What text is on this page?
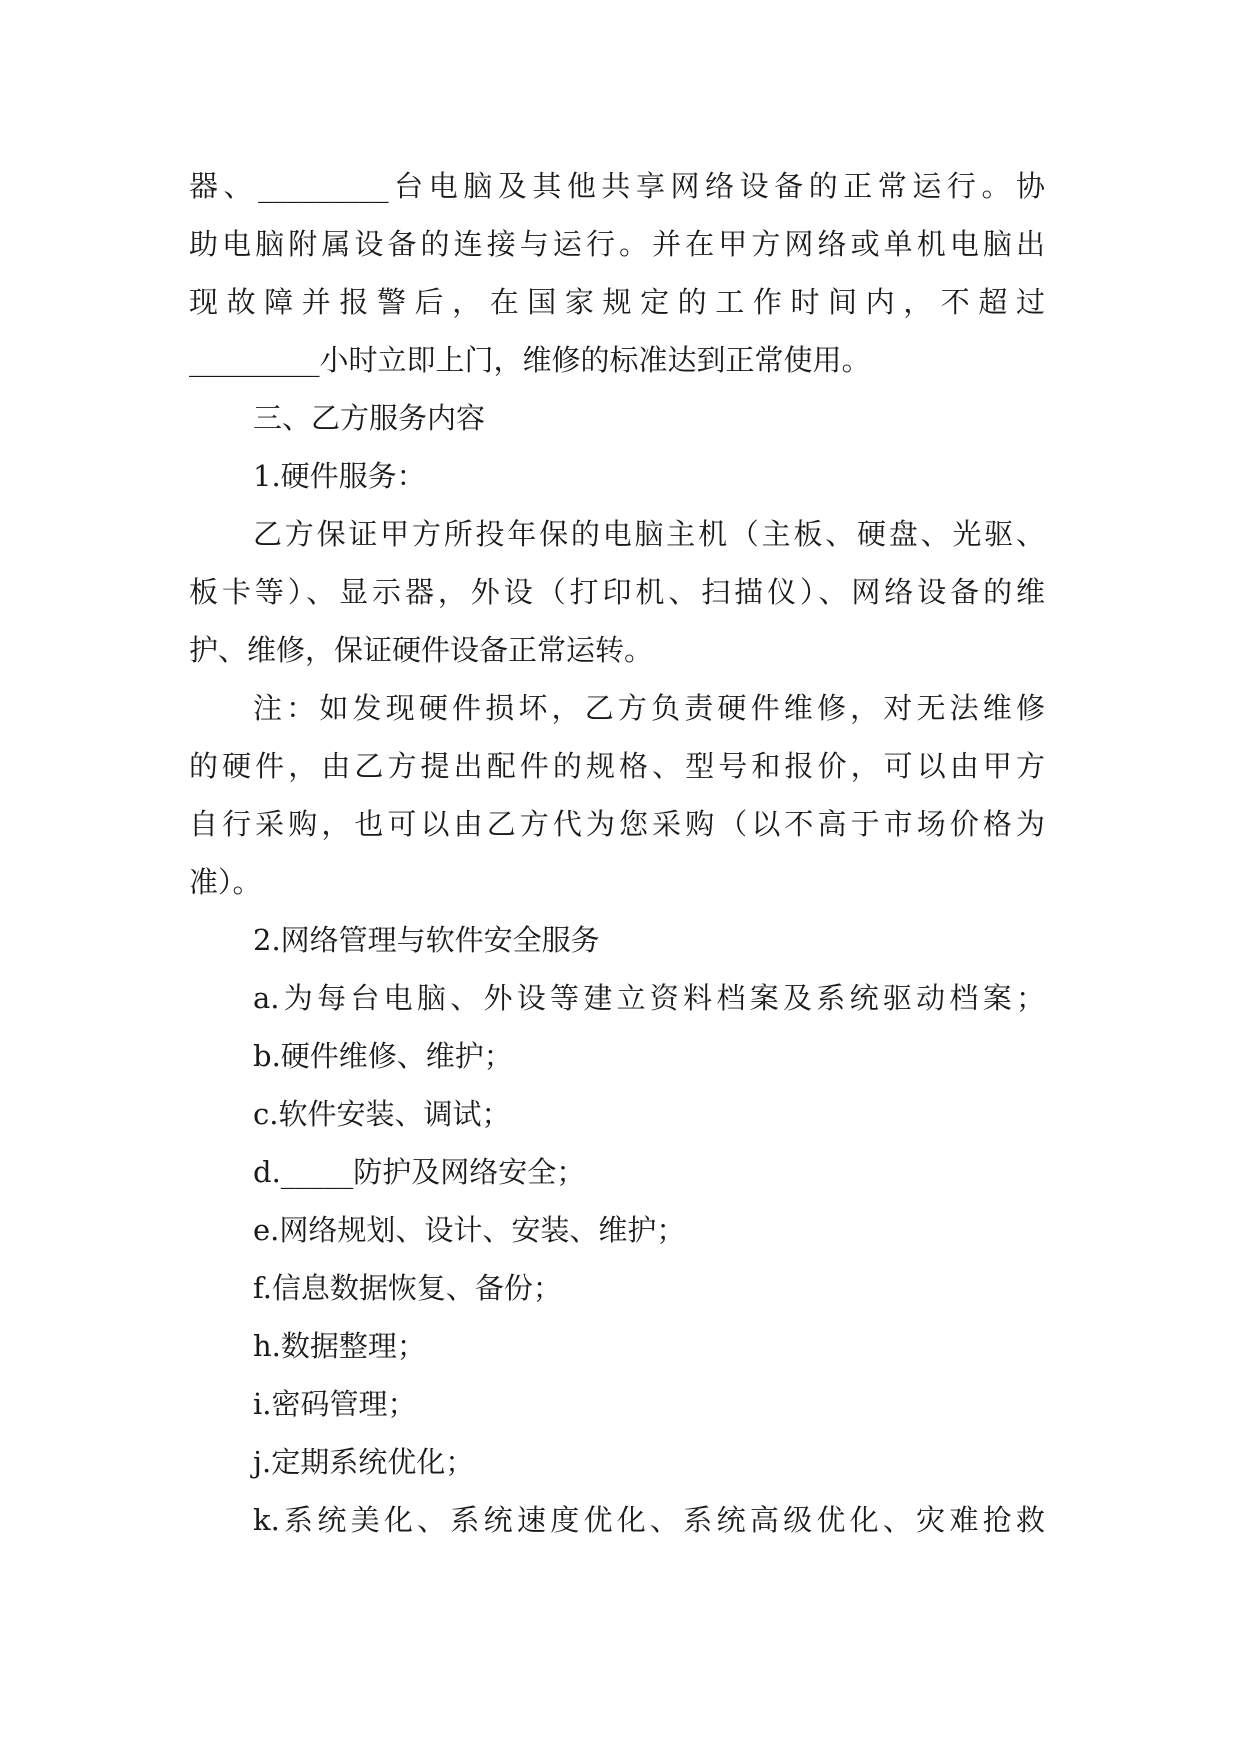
器、_________台电脑及其他共享网络设备的正常运行。协
助电脑附属设备的连接与运行。并在甲方网络或单机电脑出
现故障并报警后，在国家规定的工作时间内，不超过
_________小时立即上门，维修的标准达到正常使用。
三、乙方服务内容
1.硬件服务：
乙方保证甲方所投年保的电脑主机（主板、硬盘、光驱、
板卡等）、显示器，外设（打印机、扫描仪）、网络设备的维
护、维修，保证硬件设备正常运转。
注：如发现硬件损坏，乙方负责硬件维修，对无法维修
的硬件，由乙方提出配件的规格、型号和报价，可以由甲方
自行采购，也可以由乙方代为您采购（以不高于市场价格为
准）。
2.网络管理与软件安全服务
a.为每台电脑、外设等建立资料档案及系统驱动档案；
b.硬件维修、维护；
c.软件安装、调试；
d._____防护及网络安全；
e.网络规划、设计、安装、维护；
f.信息数据恢复、备份；
h.数据整理；
i.密码管理；
j.定期系统优化；
k.系统美化、系统速度优化、系统高级优化、灾难抢救
